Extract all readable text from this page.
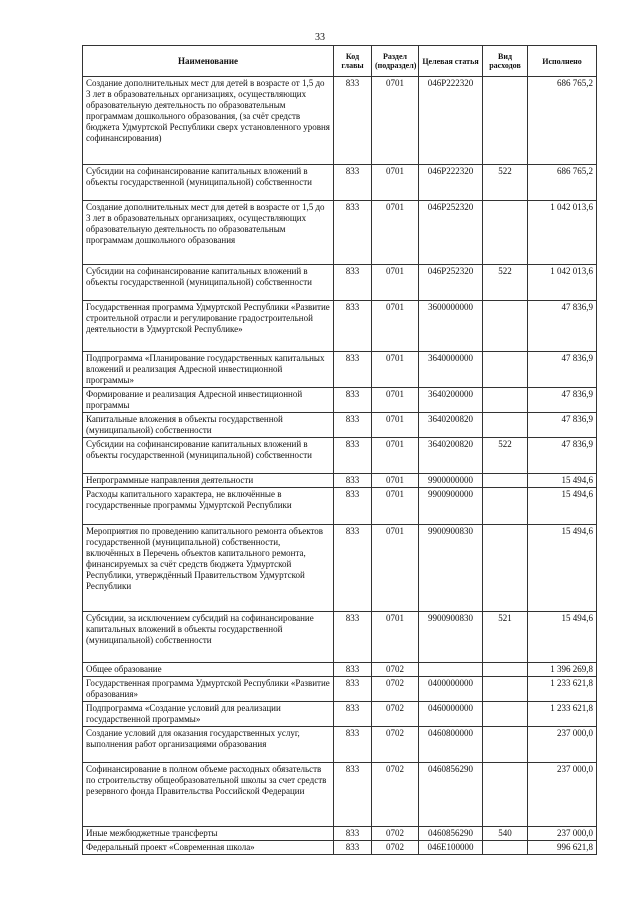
33
Наименование	Код главы	Раздел (подраздел)	Целевая статья	Вид расходов	Исполнено
Создание дополнительных мест для детей в возрасте от 1,5 до 3 лет в образовательных организациях, осуществляющих образовательную деятельность по образовательным программам дошкольного образования, (за счёт средств бюджета Удмуртской Республики сверх установленного уровня софинансирования)	833	0701	046Р222320		686 765,2
Субсидии на софинансирование капитальных вложений в объекты государственной (муниципальной) собственности	833	0701	046Р222320	522	686 765,2
Создание дополнительных мест для детей в возрасте от 1,5 до 3 лет в образовательных организациях, осуществляющих образовательную деятельность по образовательным программам дошкольного образования	833	0701	046Р252320		1 042 013,6
Субсидии на софинансирование капитальных вложений в объекты государственной (муниципальной) собственности	833	0701	046Р252320	522	1 042 013,6
Государственная программа Удмуртской Республики «Развитие строительной отрасли и регулирование градостроительной деятельности в Удмуртской Республике»	833	0701	3600000000		47 836,9
Подпрограмма «Планирование государственных капитальных вложений и реализация Адресной инвестиционной программы»	833	0701	3640000000		47 836,9
Формирование и реализация Адресной инвестиционной программы	833	0701	3640200000		47 836,9
Капитальные вложения в объекты государственной (муниципальной) собственности	833	0701	3640200820		47 836,9
Субсидии на софинансирование капитальных вложений в объекты государственной (муниципальной) собственности	833	0701	3640200820	522	47 836,9
Непрограммные направления деятельности	833	0701	9900000000		15 494,6
Расходы капитального характера, не включённые в государственные программы Удмуртской Республики	833	0701	9900900000		15 494,6
Мероприятия по проведению капитального ремонта объектов государственной (муниципальной) собственности, включённых в Перечень объектов капитального ремонта, финансируемых за счёт средств бюджета Удмуртской Республики, утверждённый Правительством Удмуртской Республики	833	0701	9900900830		15 494,6
Субсидии, за исключением субсидий на софинансирование капитальных вложений в объекты государственной (муниципальной) собственности	833	0701	9900900830	521	15 494,6
Общее образование	833	0702			1 396 269,8
Государственная программа Удмуртской Республики «Развитие образования»	833	0702	0400000000		1 233 621,8
Подпрограмма «Создание условий для реализации государственной программы»	833	0702	0460000000		1 233 621,8
Создание условий для оказания государственных услуг, выполнения работ организациями образования	833	0702	0460800000		237 000,0
Софинансирование в полном объеме расходных обязательств по строительству общеобразовательной школы за счет средств резервного фонда Правительства Российской Федерации	833	0702	0460856290		237 000,0
Иные межбюджетные трансферты	833	0702	0460856290	540	237 000,0
Федеральный проект «Современная школа»	833	0702	046Е100000		996 621,8
